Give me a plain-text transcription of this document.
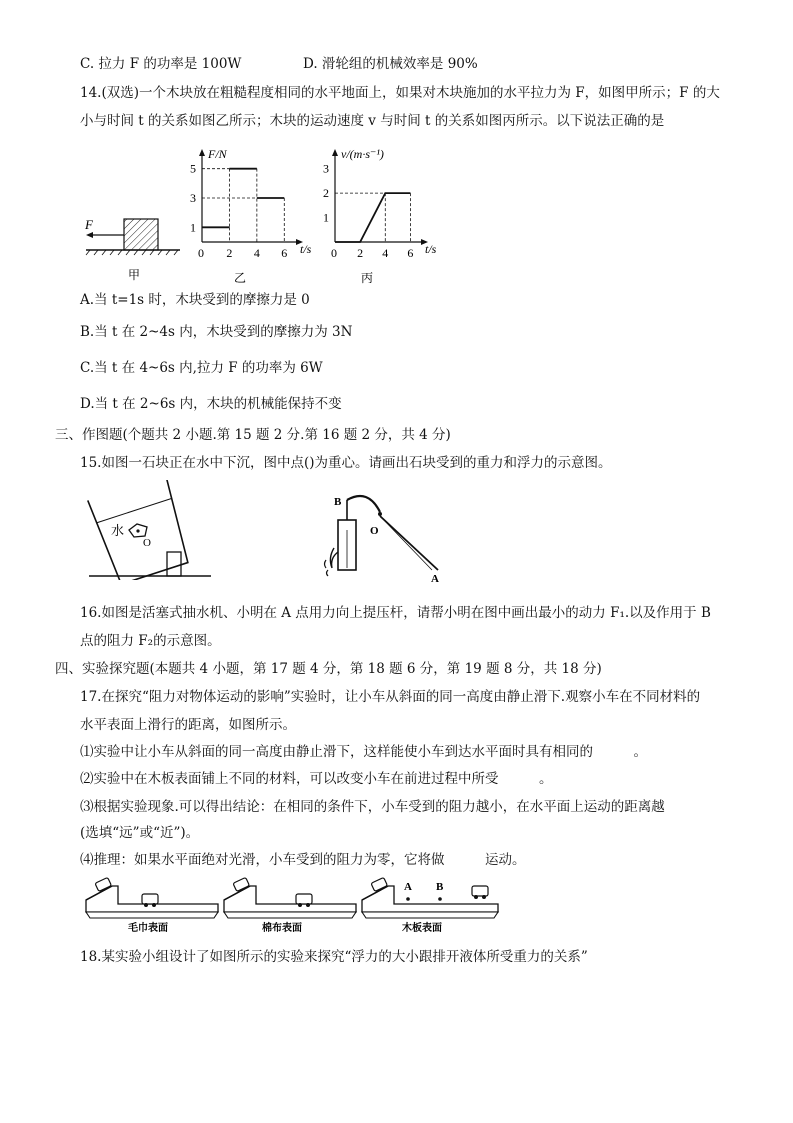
C. 拉力 F 的功率是 100W	D. 滑轮组的机械效率是 90%
14.(双选)一个木块放在粗糙程度相同的水平地面上，如果对木块施加的水平拉力为 F，如图甲所示；F 的大
小与时间 t 的关系如图乙所示；木块的运动速度 v 与时间 t 的关系如图丙所示。以下说法正确的是
F
甲
F/N
t/s
0 2 4 6
1
3
5
乙
v/(m·s⁻¹)
t/s
0 2 4 6
1
2
3
丙
A.当 t=1s 时，木块受到的摩擦力是 0
B.当 t 在 2~4s 内，木块受到的摩擦力为 3N
C.当 t 在 4~6s 内,拉力 F 的功率为 6W
D.当 t 在 2~6s 内，木块的机械能保持不变
三、作图题(个题共 2 小题.第 15 题 2 分.第 16 题 2 分，共 4 分)
15.如图一石块正在水中下沉，图中点()为重心。请画出石块受到的重力和浮力的示意图。
水
O
B
O
A
16.如图是活塞式抽水机、小明在 A 点用力向上提压杆，请帮小明在图中画出最小的动力 F₁.以及作用于 B
点的阻力 F₂的示意图。
四、实验探究题(本题共 4 小题，第 17 题 4 分，第 18 题 6 分，第 19 题 8 分，共 18 分)
17.在探究“阻力对物体运动的影响”实验时，让小车从斜面的同一高度由静止滑下.观察小车在不同材料的
水平表面上滑行的距离，如图所示。
⑴实验中让小车从斜面的同一高度由静止滑下，这样能使小车到达水平面时具有相同的　　　。
⑵实验中在木板表面铺上不同的材料，可以改变小车在前进过程中所受　　　。
⑶根据实验现象.可以得出结论：在相同的条件下，小车受到的阻力越小，在水平面上运动的距离越
(选填“远”或“近”)。
⑷推理：如果水平面绝对光滑，小车受到的阻力为零，它将做　　　运动。
毛巾表面	棉布表面
A B
木板表面
18.某实验小组设计了如图所示的实验来探究“浮力的大小跟排开液体所受重力的关系”
